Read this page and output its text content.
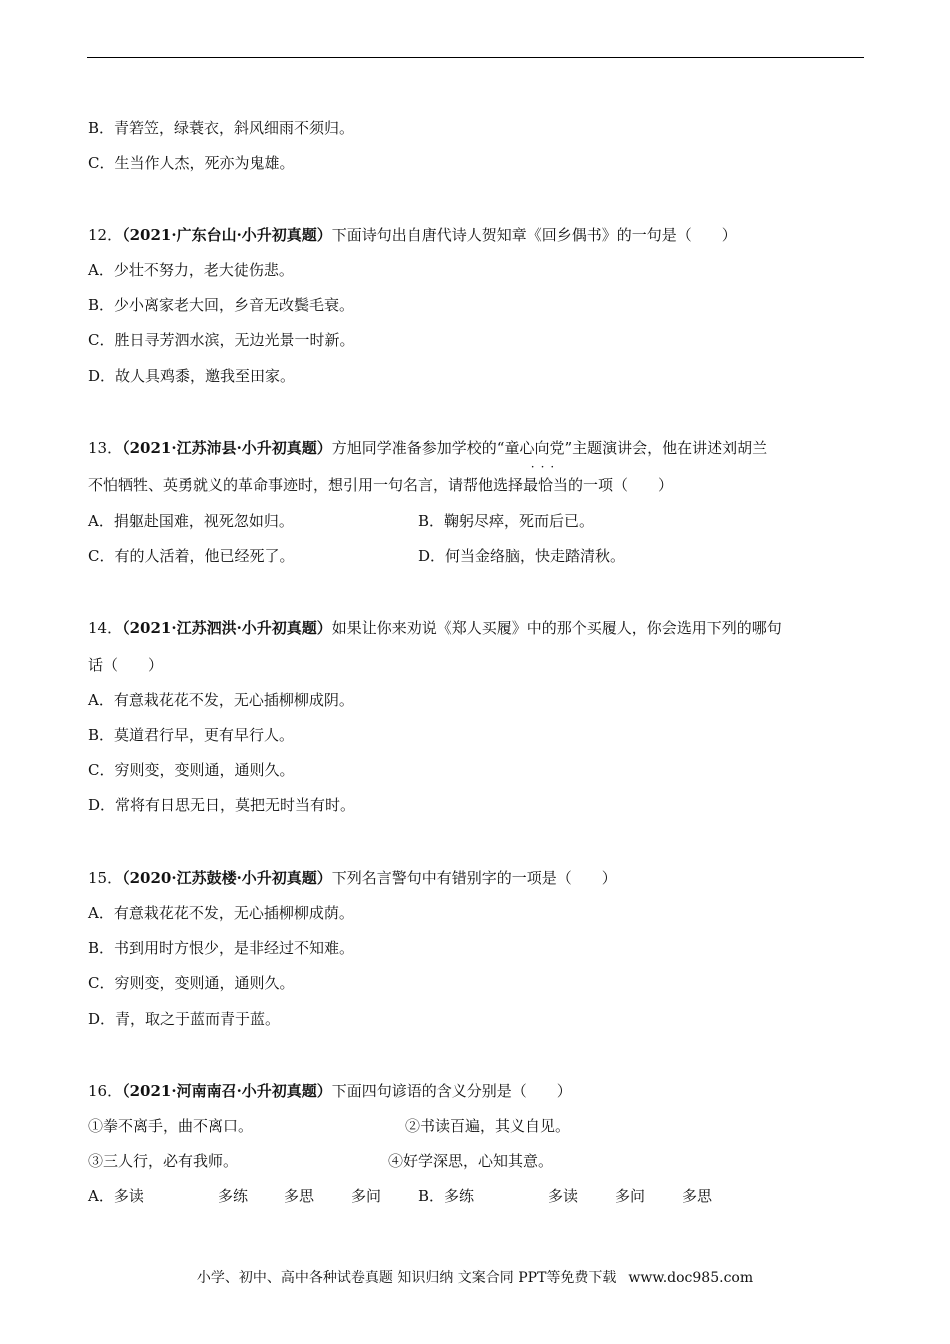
B．青箬笠，绿蓑衣，斜风细雨不须归。
C．生当作人杰，死亦为鬼雄。
12．（2021·广东台山·小升初真题）下面诗句出自唐代诗人贺知章《回乡偶书》的一句是（　　）
A．少壮不努力，老大徒伤悲。
B．少小离家老大回，乡音无改鬓毛衰。
C．胜日寻芳泗水滨，无边光景一时新。
D．故人具鸡黍，邀我至田家。
13．（2021·江苏沛县·小升初真题）方旭同学准备参加学校的“童心向党”主题演讲会，他在讲述刘胡兰
不怕牺牲、英勇就义的革命事迹时，想引用一句名言，请帮他选择
···
最恰当的一项（　　）
A．捐躯赴国难，视死忽如归。	B．鞠躬尽瘁，死而后已。
C．有的人活着，他已经死了。	D．何当金络脑，快走踏清秋。
14．（2021·江苏泗洪·小升初真题）如果让你来劝说《郑人买履》中的那个买履人，你会选用下列的哪句
话（　　）
A．有意栽花花不发，无心插柳柳成阴。
B．莫道君行早，更有早行人。
C．穷则变，变则通，通则久。
D．常将有日思无日，莫把无时当有时。
15．（2020·江苏鼓楼·小升初真题）下列名言警句中有错别字的一项是（　　）
A．有意栽花花不发，无心插柳柳成荫。
B．书到用时方恨少，是非经过不知难。
C．穷则变，变则通，通则久。
D．青，取之于蓝而青于蓝。
16．（2021·河南南召·小升初真题）下面四句谚语的含义分别是（　　）
①拳不离手，曲不离口。	②书读百遍，其义自见。
③三人行，必有我师。	④好学深思，心知其意。
A．多读	多练 多思 多问 B．多练	多读 多问 多思
小学、初中、高中各种试卷真题 知识归纳 文案合同 PPT等免费下载 www.doc985.com
